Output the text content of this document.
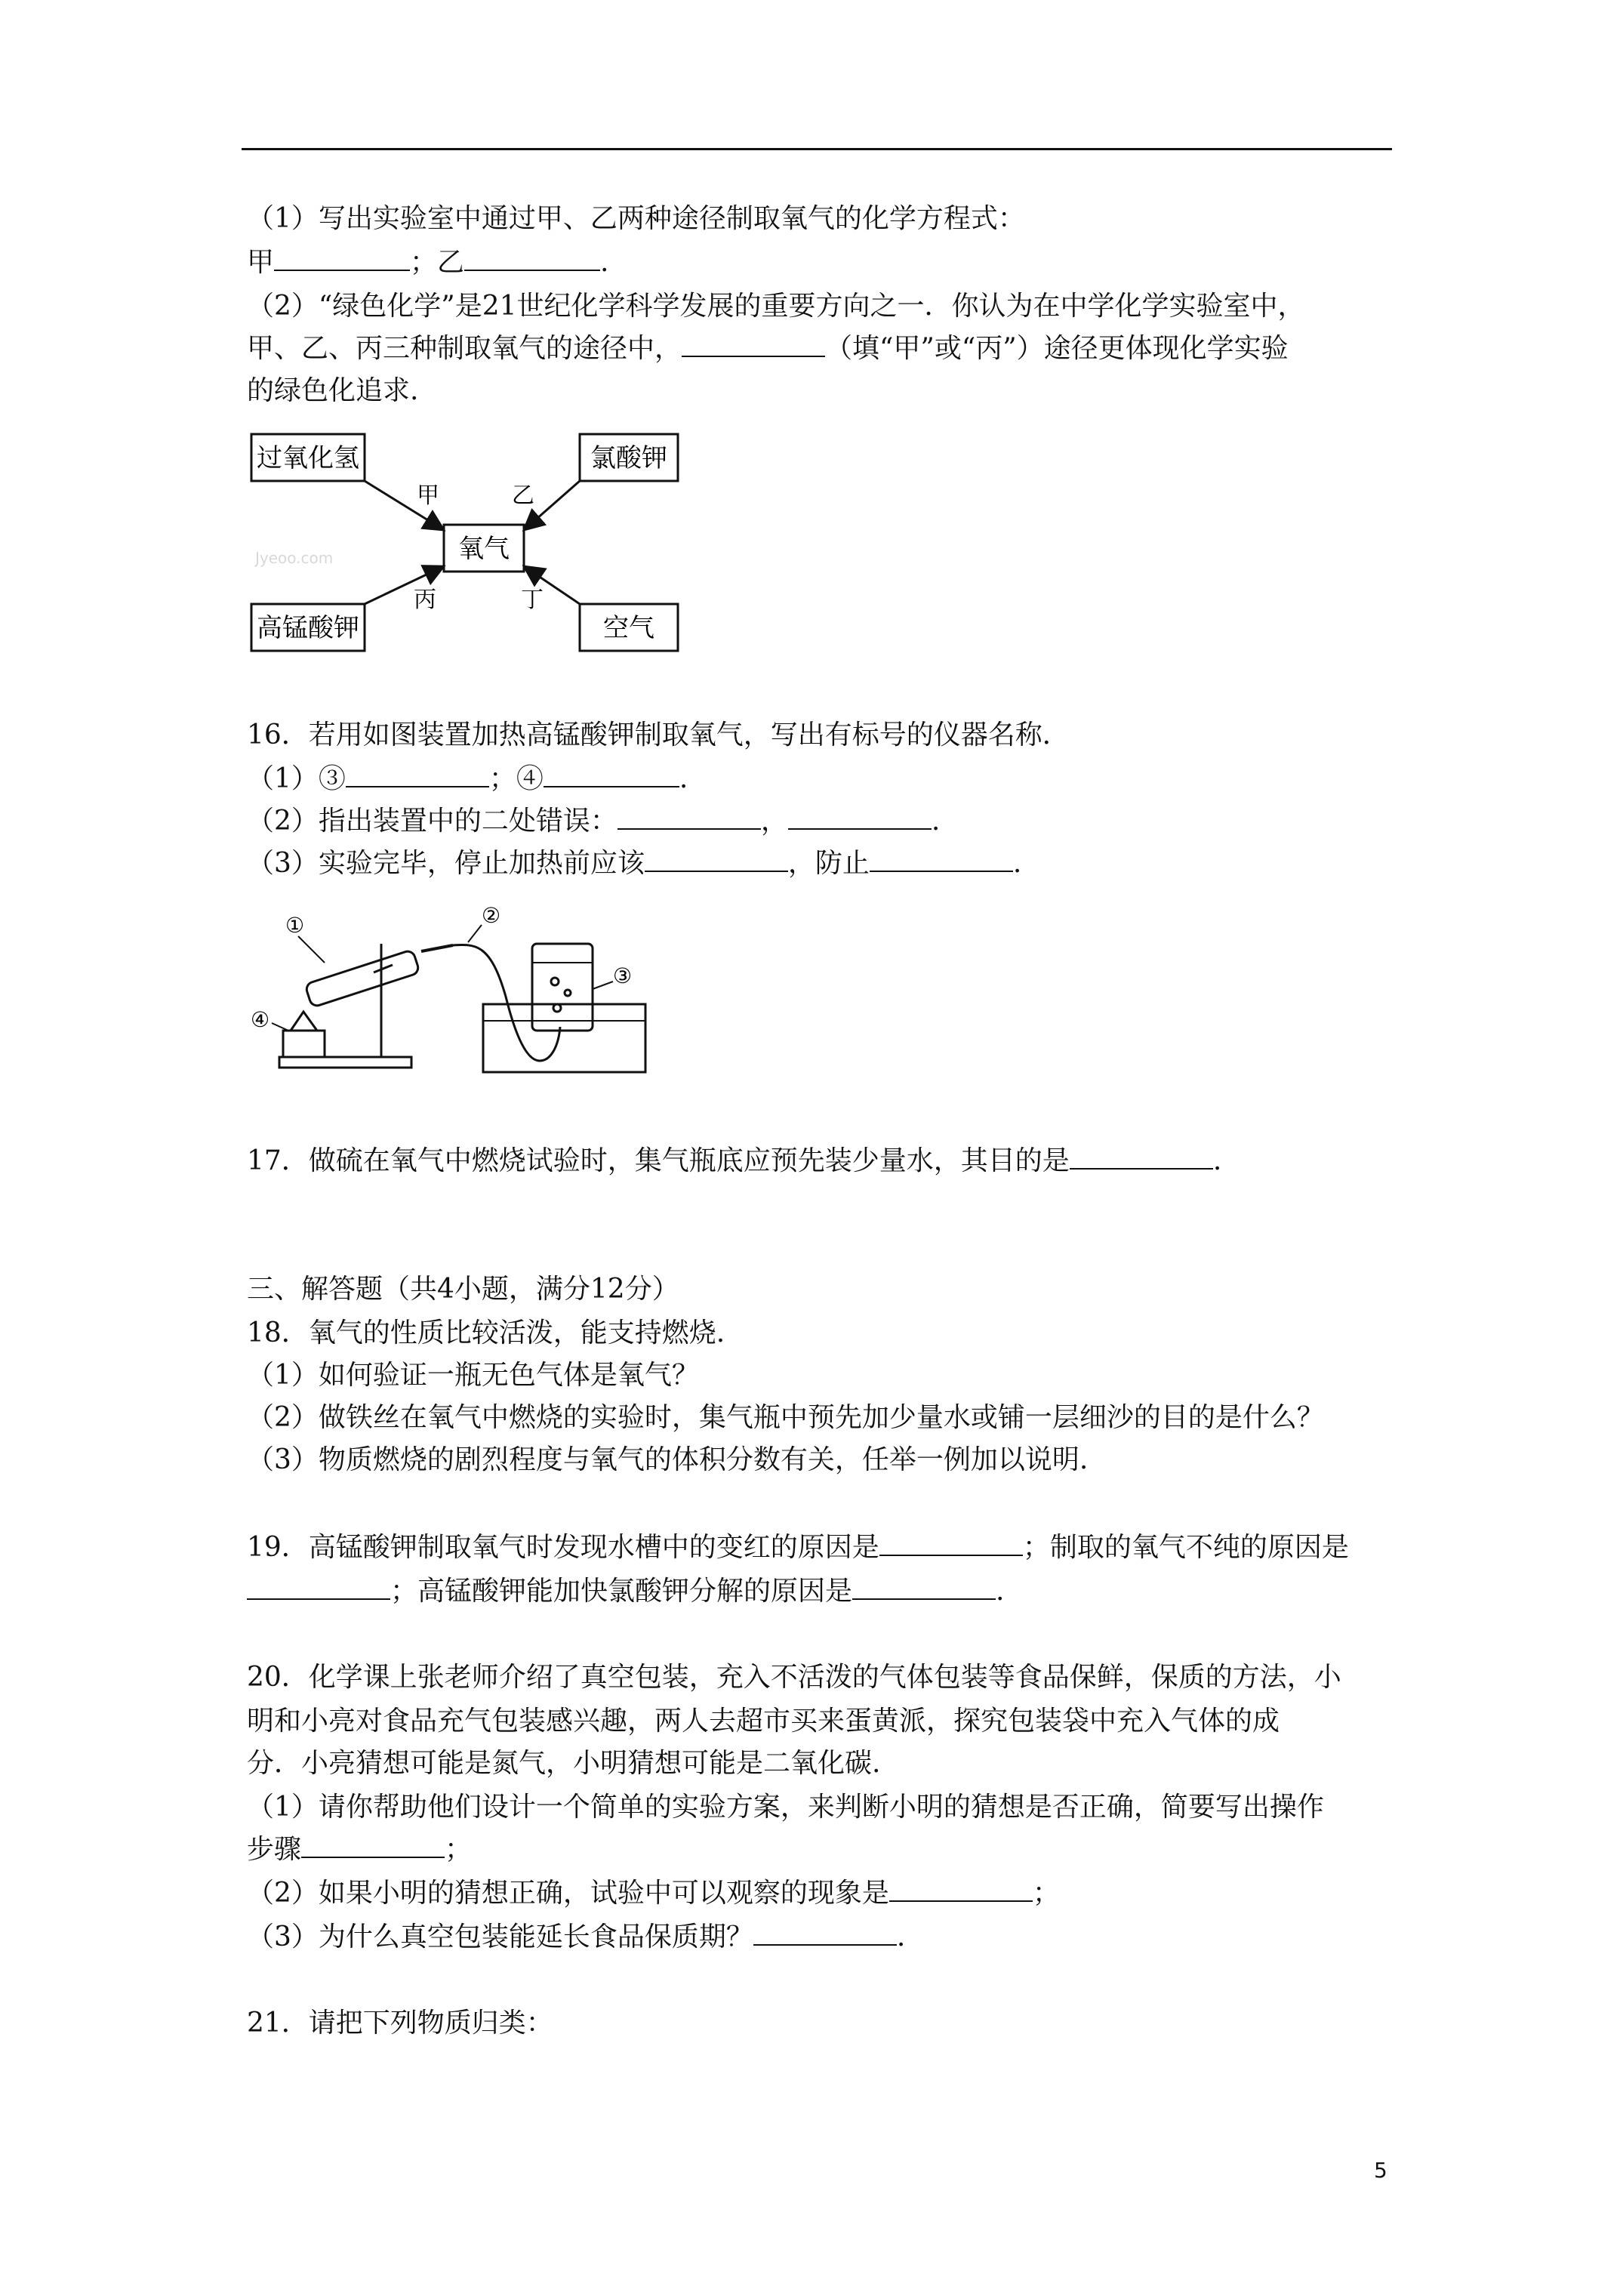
（1）写出实验室中通过甲、乙两种途径制取氧气的化学方程式：
甲	；乙	.
（2）“绿色化学”是21世纪化学科学发展的重要方向之一．你认为在中学化学实验室中，
甲、乙、丙三种制取氧气的途径中，	（填“甲”或“丙”）途径更体现化学实验
的绿色化追求.
Jyeoo.com
过氧化氢	氯酸钾
氧气
高锰酸钾	空气
甲	乙
丙	丁
16．若用如图装置加热高锰酸钾制取氧气，写出有标号的仪器名称．
（1）③	；④	.
（2）指出装置中的二处错误：	，	.
（3）实验完毕，停止加热前应该	，防止	.
①	②
③
④
17．做硫在氧气中燃烧试验时，集气瓶底应预先装少量水，其目的是	.
三、解答题（共4小题，满分12分）
18．氧气的性质比较活泼，能支持燃烧.
（1）如何验证一瓶无色气体是氧气？
（2）做铁丝在氧气中燃烧的实验时，集气瓶中预先加少量水或铺一层细沙的目的是什么？
（3）物质燃烧的剧烈程度与氧气的体积分数有关，任举一例加以说明.
19．高锰酸钾制取氧气时发现水槽中的变红的原因是	；制取的氧气不纯的原因是
；高锰酸钾能加快氯酸钾分解的原因是	.
20．化学课上张老师介绍了真空包装，充入不活泼的气体包装等食品保鲜，保质的方法，小
明和小亮对食品充气包装感兴趣，两人去超市买来蛋黄派，探究包装袋中充入气体的成
分．小亮猜想可能是氮气，小明猜想可能是二氧化碳.
（1）请你帮助他们设计一个简单的实验方案，来判断小明的猜想是否正确，简要写出操作
步骤	；
（2）如果小明的猜想正确，试验中可以观察的现象是	；
（3）为什么真空包装能延长食品保质期？	.
21．请把下列物质归类：
5
